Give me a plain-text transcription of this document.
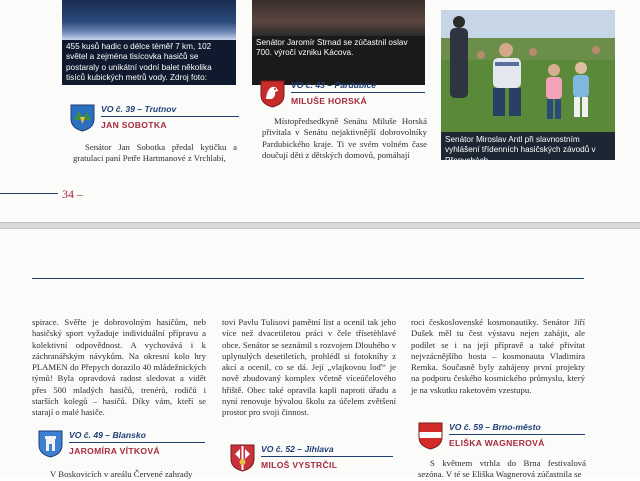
455 kusů hadic o délce téměř 7 km, 102 světel a zejména tisícovka hasičů se postaraly o unikátní vodní balet několika tisíců kubických metrů vody. Zdroj foto: pozary.cz
Senátor Jaromír Strnad se zúčastnil oslav 700. výročí vzniku Kácova.
Senátor Miroslav Antl při slavnostním vyhlášení třídenních hasičských závodů v Přepychách.
VO č. 39 – Trutnov
JAN SOBOTKA
VO č. 43 – Pardubice
MILUŠE HORSKÁ

Senátor Jan Sobotka předal kytičku a gratulaci paní Petře Hartmanové z Vrchlabí,

Místopředsedkyně Senátu Miluše Horská přivítala v Senátu nejaktivnější dobrovolníky Pardubického kraje. Ti ve svém volném čase doučují děti z dětských domovů, pomáhají

34 –

spirace. Svěřte je dobrovolným hasičům, neb hasičský sport vyžaduje individuální přípravu a kolektivní odpovědnost. A vychovává i k záchranářským návykům. Na okresní kolo hry PLAMEN do Přepych dorazilo 40 mládežnických týmů! Byla opravdová radost sledovat a vidět přes 500 mladých hasičů, trenérů, rodičů i starších kolegů – hasičů. Díky vám, kteří se starají o malé hasiče.

tovi Pavlu Tulisovi pamětní list a ocenil tak jeho více než dvacetiletou práci v čele třísetèhlavé obce. Senátor se seznámil s rozvojem Dlouhého v uplynulých desetiletích, prohlédl si fotokníhy z akcí a ocenil, co se dá. Její „vlajkovou loď“ je nově zbudovaný komplex včetně víceúčelového hřiště. Obec také opravila kapli naproti úřadu a nyní renovuje bývalou školu za účelem zvětšení prostor pro svoji činnost.

roci československé kosmonautiky. Senátor Jiří Dušek měl tu čest výstavu nejen zahájit, ale podílet se i na její přípravě a také přivítat nejvzácnějšího hosta – kosmonauta Vladimíra Remka. Současně byly zahájeny první projekty na podporu českého kosmického průmyslu, který je na vskutku raketovém vzestupu.

VO č. 49 – Blansko
JAROMÍRA VÍTKOVÁ	VO č. 52 – Jihlava
MILOŠ VYSTRČIL
VO č. 59 – Brno-město
ELIŠKA WAGNEROVÁ

V Boskovicích v areálu Červené zahrady

S květnem vtrhla do Brna festivalová sezóna. V té se Eliška Wagnerová zúčastnila se
